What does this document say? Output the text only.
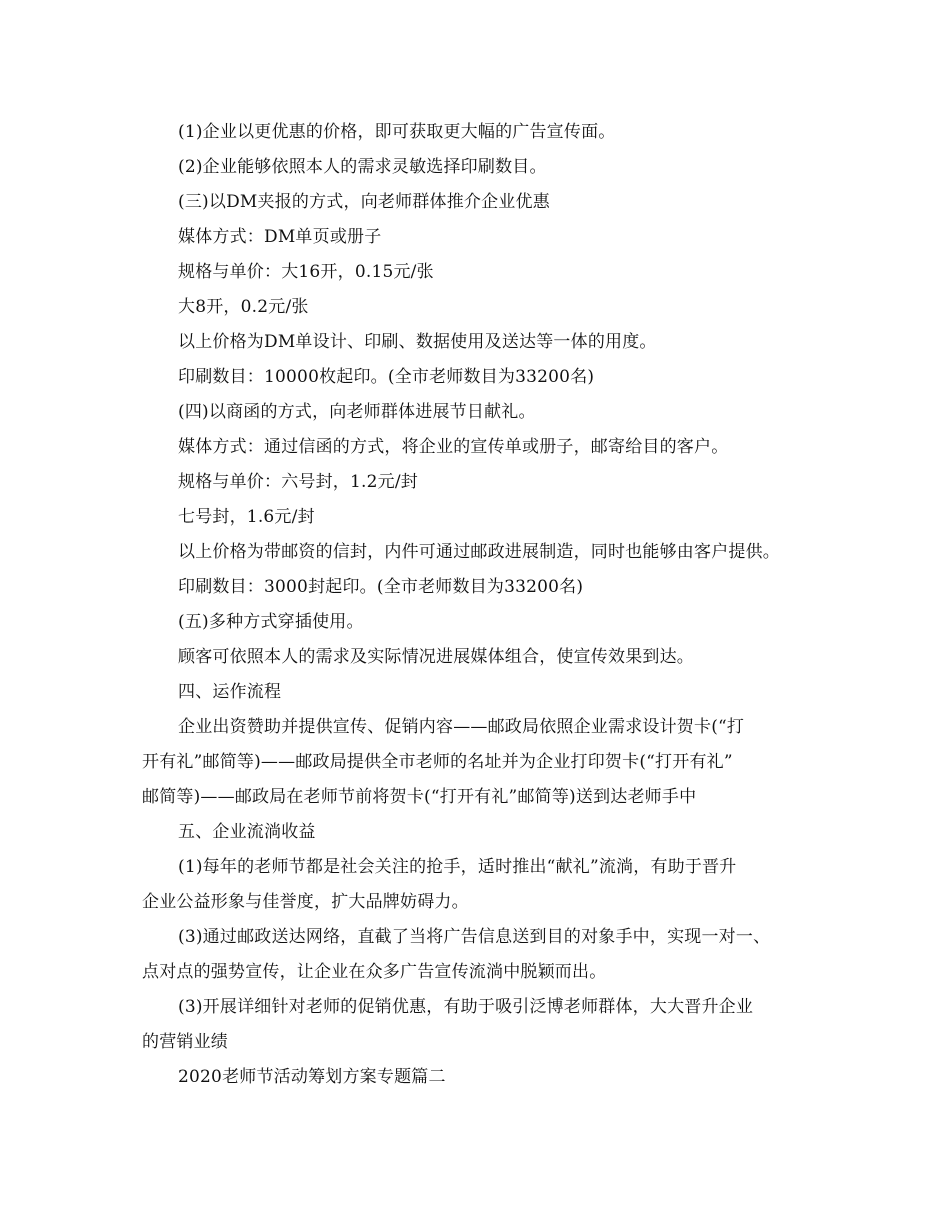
(1)企业以更优惠的价格，即可获取更大幅的广告宣传面。
(2)企业能够依照本人的需求灵敏选择印刷数目。
(三)以DM夹报的方式，向老师群体推介企业优惠
媒体方式：DM单页或册子
规格与单价：大16开，0.15元/张
大8开，0.2元/张
以上价格为DM单设计、印刷、数据使用及送达等一体的用度。
印刷数目：10000枚起印。(全市老师数目为33200名)
(四)以商函的方式，向老师群体进展节日献礼。
媒体方式：通过信函的方式，将企业的宣传单或册子，邮寄给目的客户。
规格与单价：六号封，1.2元/封
七号封，1.6元/封
以上价格为带邮资的信封，内件可通过邮政进展制造，同时也能够由客户提供。
印刷数目：3000封起印。(全市老师数目为33200名)
(五)多种方式穿插使用。
顾客可依照本人的需求及实际情况进展媒体组合，使宣传效果到达。
四、运作流程
企业出资赞助并提供宣传、促销内容——邮政局依照企业需求设计贺卡(“打
开有礼”邮简等)——邮政局提供全市老师的名址并为企业打印贺卡(“打开有礼”
邮简等)——邮政局在老师节前将贺卡(“打开有礼”邮简等)送到达老师手中
五、企业流淌收益
(1)每年的老师节都是社会关注的抢手，适时推出“献礼”流淌，有助于晋升
企业公益形象与佳誉度，扩大品牌妨碍力。
(3)通过邮政送达网络，直截了当将广告信息送到目的对象手中，实现一对一、
点对点的强势宣传，让企业在众多广告宣传流淌中脱颖而出。
(3)开展详细针对老师的促销优惠，有助于吸引泛博老师群体，大大晋升企业
的营销业绩
2020老师节活动筹划方案专题篇二
